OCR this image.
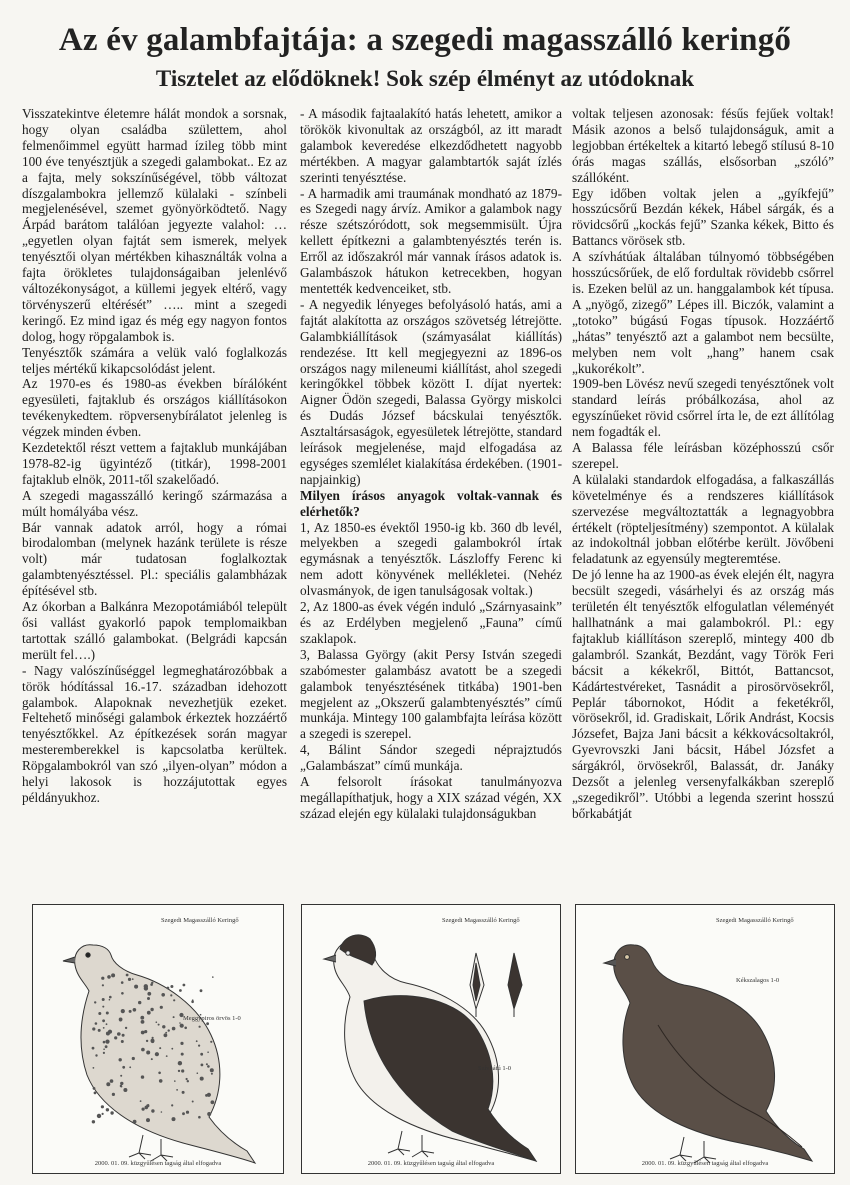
Az év galambfajtája: a szegedi magasszálló keringő
Tisztelet az elődöknek! Sok szép élményt az utódoknak

Visszatekintve életemre hálát mondok a sorsnak, hogy olyan családba születtem, ahol felmenőimmel együtt harmad ízileg több mint 100 éve tenyésztjük a szegedi galambokat.. Ez az a fajta, mely sokszínűségével, több változat díszgalambokra jellemző külalaki - színbeli megjelenésével, szemet gyönyörködtető. Nagy Árpád barátom találóan jegyezte valahol: … „egyetlen olyan fajtát sem ismerek, melyek tenyésztői olyan mértékben kihasználták volna a fajta örökletes tulajdonságaiban jelenlévő változékonyságot, a küllemi jegyek eltérő, vagy törvényszerű eltérését” ….. mint a szegedi keringő. Ez mind igaz és még egy nagyon fontos dolog, hogy röpgalambok is.

Tenyésztők számára a velük való foglalkozás teljes mértékű kikapcsolódást jelent.

Az 1970-es és 1980-as években bírálóként egyesületi, fajtaklub és országos kiállításokon tevékenykedtem. röpversenybírálatot jelenleg is végzek minden évben.

Kezdetektől részt vettem a fajtaklub munkájában 1978-82-ig ügyintéző (titkár), 1998-2001 fajtaklub elnök, 2011-től szakelőadó.

A szegedi magasszálló keringő származása a múlt homályába vész.

Bár vannak adatok arról, hogy a római birodalomban (melynek hazánk területe is része volt) már tudatosan foglalkoztak galambtenyésztéssel. Pl.: speciális galambházak építésével stb.

Az ókorban a Balkánra Mezopotámiából települt ősi vallást gyakorló papok templomaikban tartottak szálló galambokat. (Belgrádi kapcsán merült fel….)

- Nagy valószínűséggel legmeghatározóbbak a török hódítással 16.-17. században idehozott galambok. Alapoknak nevezhetjük ezeket. Feltehető minőségi galambok érkeztek hozzáértő tenyésztőkkel. Az építkezések során magyar mesteremberekkel is kapcsolatba kerültek. Röpgalambokról van szó „ilyen-olyan” módon a helyi lakosok is hozzájutottak egyes példányukhoz.

- A második fajtaalakító hatás lehetett, amikor a törökök kivonultak az országból, az itt maradt galambok keveredése elkezdődhetett nagyobb mértékben. A magyar galambtartók saját ízlés szerinti tenyésztése.

- A harmadik ami traumának mondható az 1879-es Szegedi nagy árvíz. Amikor a galambok nagy része szétszóródott, sok megsemmisült. Újra kellett építkezni a galambtenyésztés terén is. Erről az időszakról már vannak írásos adatok is. Galambászok hátukon ketrecekben, hogyan mentették kedvenceiket, stb.

- A negyedik lényeges befolyásoló hatás, ami a fajtát alakította az országos szövetség létrejötte. Galambkiállítások (számyasálat kiállítás) rendezése. Itt kell megjegyezni az 1896-os országos nagy mileneumi kiállítást, ahol szegedi keringőkkel többek között I. díjat nyertek: Aigner Ödön szegedi, Balassa György miskolci és Dudás József bácskulai tenyésztők. Asztaltársaságok, egyesületek létrejötte, standard leírások megjelenése, majd elfogadása az egységes szemlélet kialakítása érdekében. (1901- napjainkig)

Milyen írásos anyagok voltak-vannak és elérhetők?

1, Az 1850-es évektől 1950-ig kb. 360 db levél, melyekben a szegedi galambokról írtak egymásnak a tenyésztők. Lászloffy Ferenc ki nem adott könyvének mellékletei. (Nehéz olvasmányok, de igen tanulságosak voltak.)

2, Az 1800-as évek végén induló „Szárnyasaink” és az Erdélyben megjelenő „Fauna” című szaklapok.

3, Balassa György (akit Persy István szegedi szabómester galambász avatott be a szegedi galambok tenyésztésének titkába) 1901-ben megjelent az „Okszerű galambtenyésztés” című munkája. Mintegy 100 galambfajta leírása között a szegedi is szerepel.

4, Bálint Sándor szegedi néprajztudós „Galambászat” című munkája.

A felsorolt írásokat tanulmányozva megállapíthatjuk, hogy a XIX század végén, XX század elején egy külalaki tulajdonságukban

voltak teljesen azonosak: fésűs fejűek voltak! Másik azonos a belső tulajdonságuk, amit a legjobban értékeltek a kitartó lebegő stílusú 8-10 órás magas szállás, elsősorban „szóló” szállóként.

Egy időben voltak jelen a „gyíkfejű” hosszúcsőrű Bezdán kékek, Hábel sárgák, és a rövidcsőrű „kockás fejű” Szanka kékek, Bitto és Battancs vörösek stb.

A szívhátúak általában túlnyomó többségében hosszúcsőrűek, de elő fordultak rövidebb csőrrel is. Ezeken belül az un. hanggalambok két típusa. A „nyögő, zizegő” Lépes ill. Biczók, valamint a „totoko” búgású Fogas típusok. Hozzáértő „hátas” tenyésztő azt a galambot nem becsülte, melyben nem volt „hang” hanem csak „kukorékolt”.

1909-ben Lövész nevű szegedi tenyésztőnek volt standard leírás próbálkozása, ahol az egyszínűeket rövid csőrrel írta le, de ezt állítólag nem fogadták el.

A Balassa féle leírásban középhosszú csőr szerepel.

A külalaki standardok elfogadása, a falkaszállás követelménye és a rendszeres kiállítások szervezése megváltoztatták a legnagyobbra értékelt (röpteljesítmény) szempontot. A külalak az indokoltnál jobban előtérbe került. Jövőbeni feladatunk az egyensúly megteremtése.

De jó lenne ha az 1900-as évek elején élt, nagyra becsült szegedi, vásárhelyi és az ország más területén élt tenyésztők elfogulatlan véleményét hallhatnánk a mai galambokról. Pl.: egy fajtaklub kiállításon szereplő, mintegy 400 db galambról. Szankát, Bezdánt, vagy Török Feri bácsit a kékekről, Bittót, Battancsot, Kádártestvéreket, Tasnádit a pirosörvösekről, Peplár tábornokot, Hódit a feketékről, vörösekről, id. Gradiskait, Lőrik Andrást, Kocsis Józsefet, Bajza Jani bácsit a kékkovácsoltakról, Gyevrovszki Jani bácsit, Hábel Józsfet a sárgákról, örvösekről, Balassát, dr. Janáky Dezsőt a jelenleg versenyfalkákban szereplő „szegedikről”. Utóbbi a legenda szerint hosszú bőrkabátját

Szegedi Magasszálló Keringő
Meggypiros örvös 1-0
2000. 01. 09. küzgyűlésen tagság által elfogadva
Szegedi Magasszálló Keringő
Szívhátú 1-0
2000. 01. 09. küzgyűlésen tagság által elfogadva
Szegedi Magasszálló Keringő
Kékszalagos 1-0
2000. 01. 09. küzgyűlésen tagság által elfogadva
